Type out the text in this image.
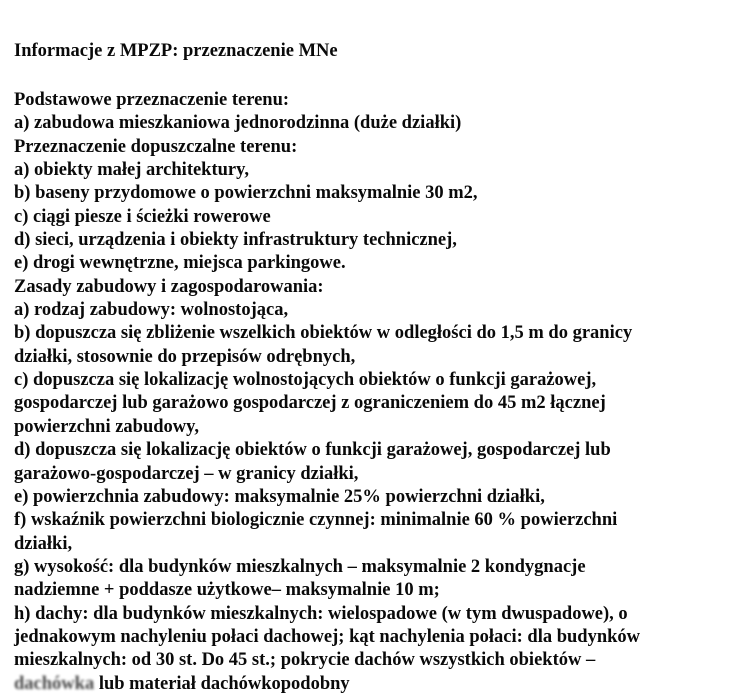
Informacje z MPZP: przeznaczenie MNe
Podstawowe przeznaczenie terenu:
a) zabudowa mieszkaniowa jednorodzinna (duże działki)
Przeznaczenie dopuszczalne terenu:
a) obiekty małej architektury,
b) baseny przydomowe o powierzchni maksymalnie 30 m2,
c) ciągi piesze i ścieżki rowerowe
d) sieci, urządzenia i obiekty infrastruktury technicznej,
e) drogi wewnętrzne, miejsca parkingowe.
Zasady zabudowy i zagospodarowania:
a) rodzaj zabudowy: wolnostojąca,
b) dopuszcza się zbliżenie wszelkich obiektów w odległości do 1,5 m do granicy
działki, stosownie do przepisów odrębnych,
c) dopuszcza się lokalizację wolnostojących obiektów o funkcji garażowej,
gospodarczej lub garażowo gospodarczej z ograniczeniem do 45 m2 łącznej
powierzchni zabudowy,
d) dopuszcza się lokalizację obiektów o funkcji garażowej, gospodarczej lub
garażowo-gospodarczej – w granicy działki,
e) powierzchnia zabudowy: maksymalnie 25% powierzchni działki,
f) wskaźnik powierzchni biologicznie czynnej: minimalnie 60 % powierzchni
działki,
g) wysokość: dla budynków mieszkalnych – maksymalnie 2 kondygnacje
nadziemne + poddasze użytkowe– maksymalnie 10 m;
h) dachy: dla budynków mieszkalnych: wielospadowe (w tym dwuspadowe), o
jednakowym nachyleniu połaci dachowej; kąt nachylenia połaci: dla budynków
mieszkalnych: od 30 st. Do 45 st.; pokrycie dachów wszystkich obiektów –
dachówka lub materiał dachówkopodobny
